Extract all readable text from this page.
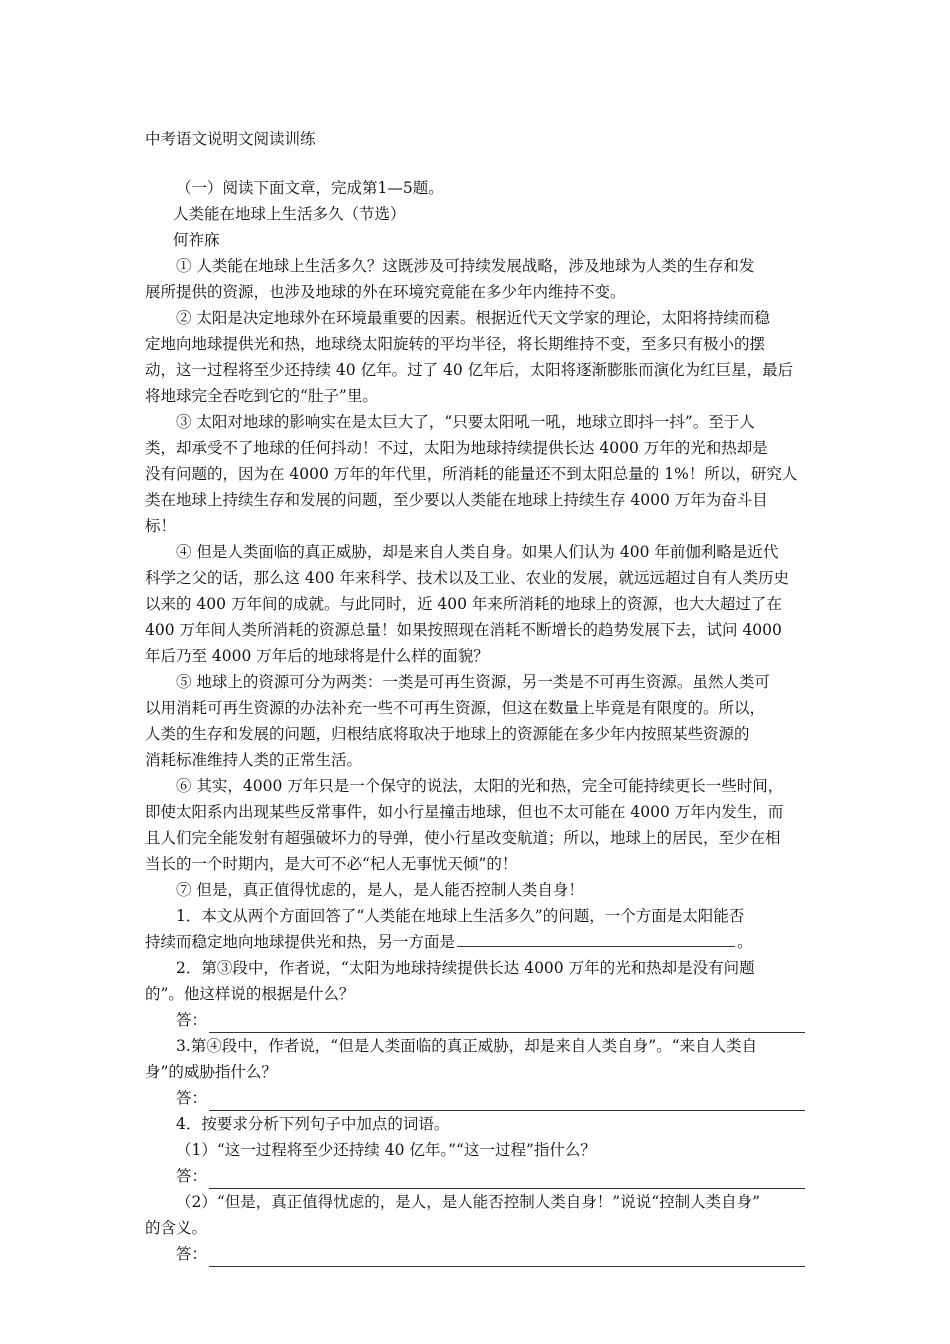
中考语文说明文阅读训练
（一）阅读下面文章，完成第1—5题。
人类能在地球上生活多久（节选）
何祚庥
① 人类能在地球上生活多久？这既涉及可持续发展战略，涉及地球为人类的生存和发
展所提供的资源，也涉及地球的外在环境究竟能在多少年内维持不变。
② 太阳是决定地球外在环境最重要的因素。根据近代天文学家的理论，太阳将持续而稳
定地向地球提供光和热，地球绕太阳旋转的平均半径，将长期维持不变，至多只有极小的摆
动，这一过程将至少还持续 40 亿年。过了 40 亿年后，太阳将逐渐膨胀而演化为红巨星，最后
将地球完全吞吃到它的“肚子”里。
③ 太阳对地球的影响实在是太巨大了，“只要太阳吼一吼，地球立即抖一抖”。至于人
类，却承受不了地球的任何抖动！不过，太阳为地球持续提供长达 4000 万年的光和热却是
没有问题的，因为在 4000 万年的年代里，所消耗的能量还不到太阳总量的 1%！所以，研究人
类在地球上持续生存和发展的问题，至少要以人类能在地球上持续生存 4000 万年为奋斗目
标！
④ 但是人类面临的真正威胁，却是来自人类自身。如果人们认为 400 年前伽利略是近代
科学之父的话，那么这 400 年来科学、技术以及工业、农业的发展，就远远超过自有人类历史
以来的 400 万年间的成就。与此同时，近 400 年来所消耗的地球上的资源，也大大超过了在
400 万年间人类所消耗的资源总量！如果按照现在消耗不断增长的趋势发展下去，试问 4000
年后乃至 4000 万年后的地球将是什么样的面貌？
⑤ 地球上的资源可分为两类：一类是可再生资源，另一类是不可再生资源。虽然人类可
以用消耗可再生资源的办法补充一些不可再生资源，但这在数量上毕竟是有限度的。所以，
人类的生存和发展的问题，归根结底将取决于地球上的资源能在多少年内按照某些资源的
消耗标准维持人类的正常生活。
⑥ 其实，4000 万年只是一个保守的说法，太阳的光和热，完全可能持续更长一些时间，
即使太阳系内出现某些反常事件，如小行星撞击地球，但也不太可能在 4000 万年内发生，而
且人们完全能发射有超强破坏力的导弹，使小行星改变航道；所以，地球上的居民，至少在相
当长的一个时期内，是大可不必“杞人无事忧天倾”的！
⑦ 但是，真正值得忧虑的，是人，是人能否控制人类自身！
1．本文从两个方面回答了“人类能在地球上生活多久”的问题，一个方面是太阳能否
持续而稳定地向地球提供光和热，另一方面是	。
2．第③段中，作者说，“太阳为地球持续提供长达 4000 万年的光和热却是没有问题
的”。他这样说的根据是什么？
答：
3.第④段中，作者说，“但是人类面临的真正威胁，却是来自人类自身”。“来自人类自
身”的威胁指什么？
答：
4．按要求分析下列句子中加点的词语。
（1）“这一过程将至少还持续 40 亿年。”“这一过程”指什么？
答：
（2）“但是，真正值得忧虑的，是人，是人能否控制人类自身！”说说“控制人类自身”
的含义。
答：
